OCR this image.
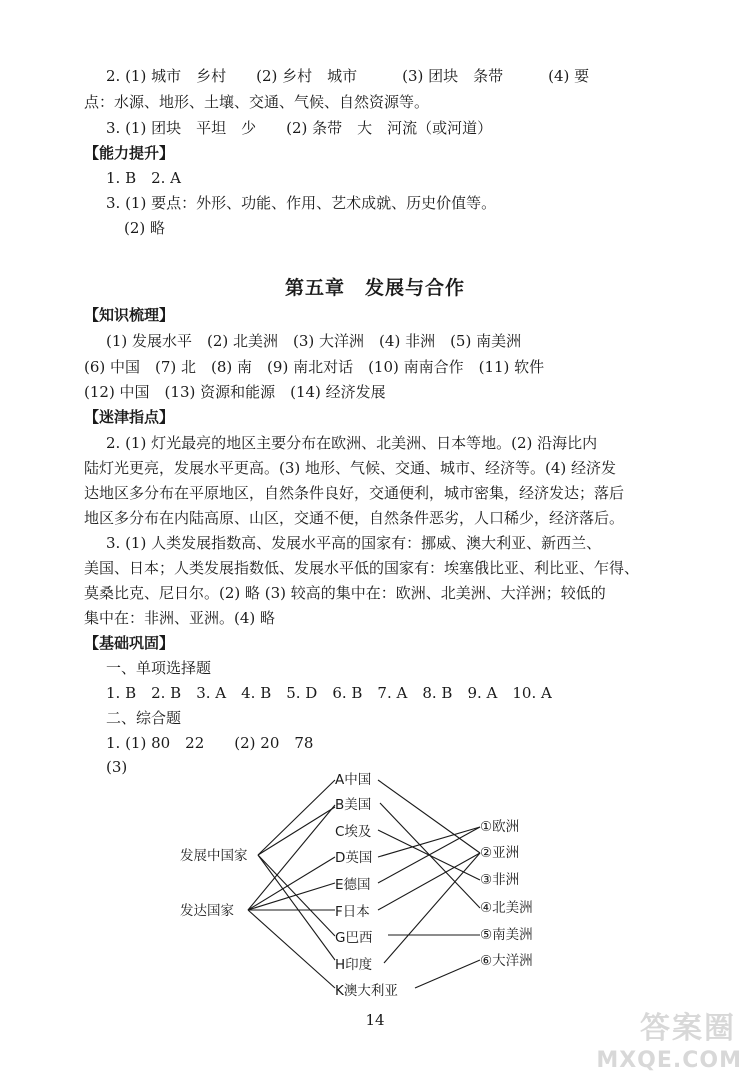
2. (1) 城市　乡村　　(2) 乡村　城市　　　(3) 团块　条带　　　(4) 要
点：水源、地形、土壤、交通、气候、自然资源等。
3. (1) 团块　平坦　少　　(2) 条带　大　河流（或河道）
【能力提升】
1. B　2. A
3. (1) 要点：外形、功能、作用、艺术成就、历史价值等。
(2) 略
第五章　发展与合作
【知识梳理】
(1) 发展水平　(2) 北美洲　(3) 大洋洲　(4) 非洲　(5) 南美洲
(6) 中国　(7) 北　(8) 南　(9) 南北对话　(10) 南南合作　(11) 软件
(12) 中国　(13) 资源和能源　(14) 经济发展
【迷津指点】
2. (1) 灯光最亮的地区主要分布在欧洲、北美洲、日本等地。(2) 沿海比内
陆灯光更亮，发展水平更高。(3) 地形、气候、交通、城市、经济等。(4) 经济发
达地区多分布在平原地区，自然条件良好，交通便利，城市密集，经济发达；落后
地区多分布在内陆高原、山区，交通不便，自然条件恶劣，人口稀少，经济落后。
3. (1) 人类发展指数高、发展水平高的国家有：挪威、澳大利亚、新西兰、
美国、日本；人类发展指数低、发展水平低的国家有：埃塞俄比亚、利比亚、乍得、
莫桑比克、尼日尔。(2) 略 (3) 较高的集中在：欧洲、北美洲、大洋洲；较低的
集中在：非洲、亚洲。(4) 略
【基础巩固】
一、单项选择题
1. B　2. B　3. A　4. B　5. D　6. B　7. A　8. B　9. A　10. A
二、综合题
1. (1) 80　22　　(2) 20　78
(3)
发展中国家
发达国家
A中国
B美国
C埃及
D英国
E德国
F日本
G巴西
H印度
K澳大利亚
①欧洲
②亚洲
③非洲
④北美洲
⑤南美洲
⑥大洋洲
14	答案圈
MXQE.COM
